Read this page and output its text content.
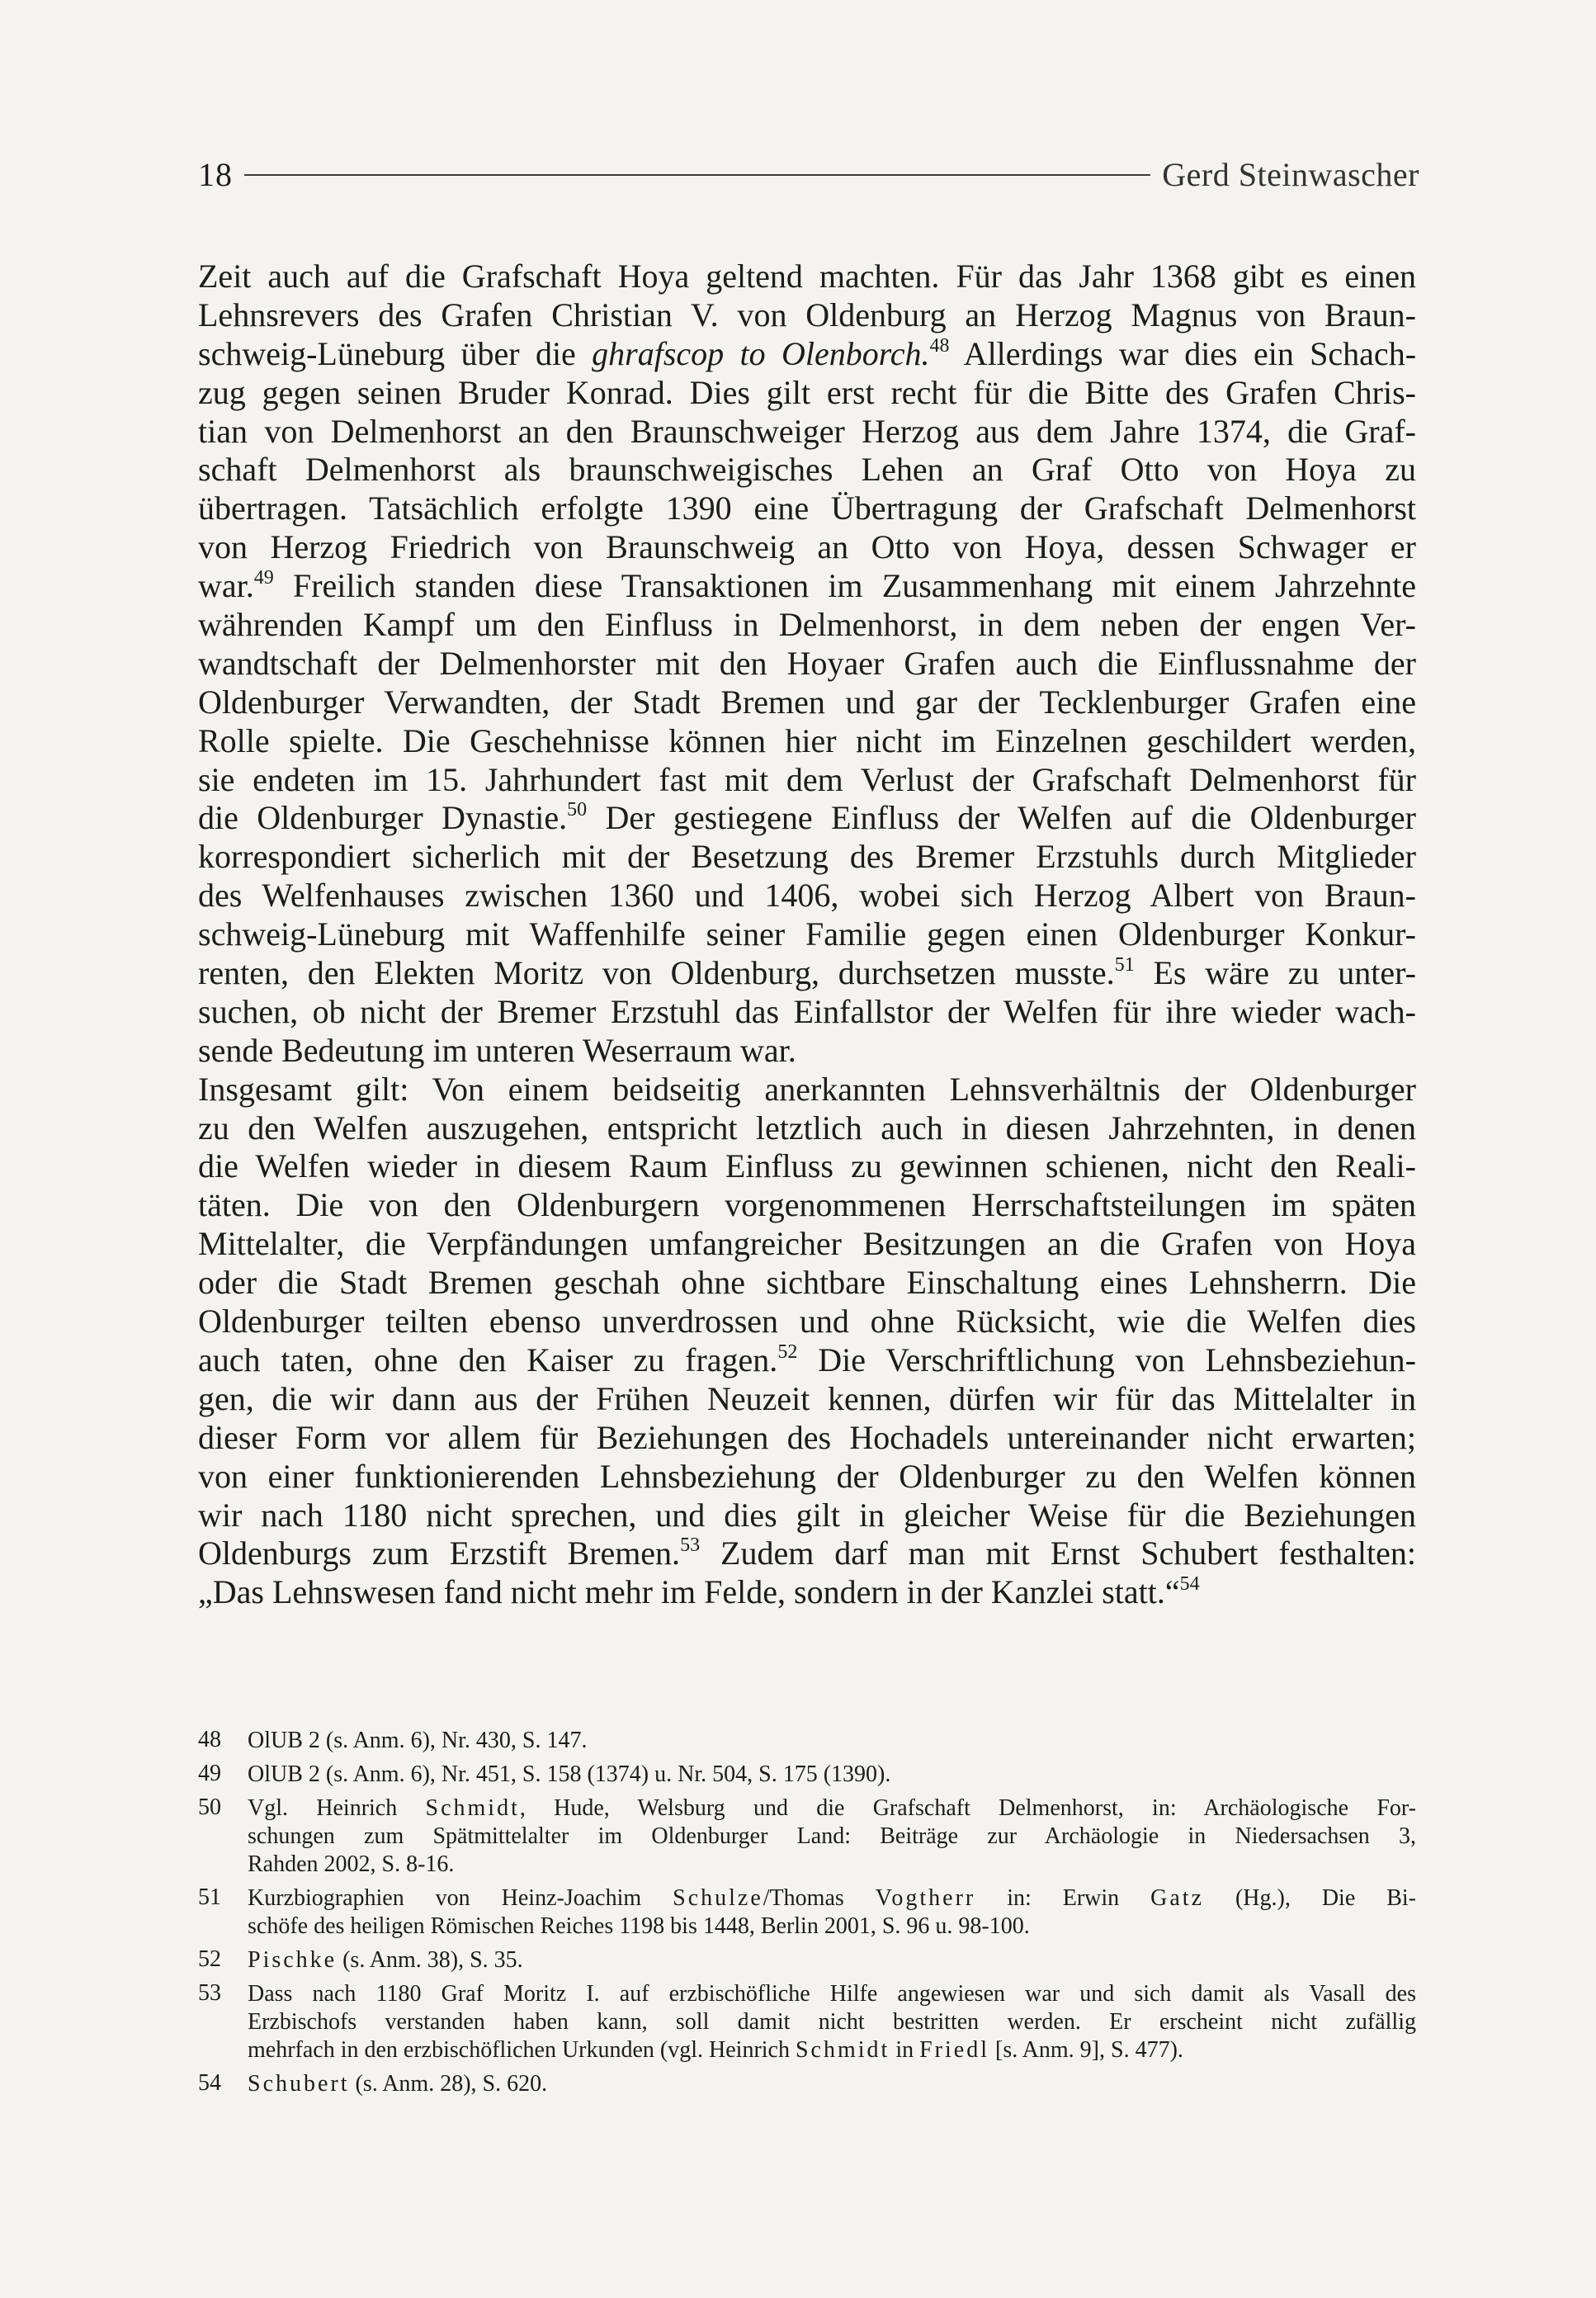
18	Gerd Steinwascher
Zeit auch auf die Grafschaft Hoya geltend machten. Für das Jahr 1368 gibt es einen
Lehnsrevers des Grafen Christian V. von Oldenburg an Herzog Magnus von Braun-
schweig-Lüneburg über die ghrafscop to Olenborch.$^{48}$ Allerdings war dies ein Schach-
zug gegen seinen Bruder Konrad. Dies gilt erst recht für die Bitte des Grafen Chris-
tian von Delmenhorst an den Braunschweiger Herzog aus dem Jahre 1374, die Graf-
schaft Delmenhorst als braunschweigisches Lehen an Graf Otto von Hoya zu
übertragen. Tatsächlich erfolgte 1390 eine Übertragung der Grafschaft Delmenhorst
von Herzog Friedrich von Braunschweig an Otto von Hoya, dessen Schwager er
war.$^{49}$ Freilich standen diese Transaktionen im Zusammenhang mit einem Jahrzehnte
währenden Kampf um den Einfluss in Delmenhorst, in dem neben der engen Ver-
wandtschaft der Delmenhorster mit den Hoyaer Grafen auch die Einflussnahme der
Oldenburger Verwandten, der Stadt Bremen und gar der Tecklenburger Grafen eine
Rolle spielte. Die Geschehnisse können hier nicht im Einzelnen geschildert werden,
sie endeten im 15. Jahrhundert fast mit dem Verlust der Grafschaft Delmenhorst für
die Oldenburger Dynastie.$^{50}$ Der gestiegene Einfluss der Welfen auf die Oldenburger
korrespondiert sicherlich mit der Besetzung des Bremer Erzstuhls durch Mitglieder
des Welfenhauses zwischen 1360 und 1406, wobei sich Herzog Albert von Braun-
schweig-Lüneburg mit Waffenhilfe seiner Familie gegen einen Oldenburger Konkur-
renten, den Elekten Moritz von Oldenburg, durchsetzen musste.$^{51}$ Es wäre zu unter-
suchen, ob nicht der Bremer Erzstuhl das Einfallstor der Welfen für ihre wieder wach-
sende Bedeutung im unteren Weserraum war.
Insgesamt gilt: Von einem beidseitig anerkannten Lehnsverhältnis der Oldenburger
zu den Welfen auszugehen, entspricht letztlich auch in diesen Jahrzehnten, in denen
die Welfen wieder in diesem Raum Einfluss zu gewinnen schienen, nicht den Reali-
täten. Die von den Oldenburgern vorgenommenen Herrschaftsteilungen im späten
Mittelalter, die Verpfändungen umfangreicher Besitzungen an die Grafen von Hoya
oder die Stadt Bremen geschah ohne sichtbare Einschaltung eines Lehnsherrn. Die
Oldenburger teilten ebenso unverdrossen und ohne Rücksicht, wie die Welfen dies
auch taten, ohne den Kaiser zu fragen.$^{52}$ Die Verschriftlichung von Lehnsbeziehun-
gen, die wir dann aus der Frühen Neuzeit kennen, dürfen wir für das Mittelalter in
dieser Form vor allem für Beziehungen des Hochadels untereinander nicht erwarten;
von einer funktionierenden Lehnsbeziehung der Oldenburger zu den Welfen können
wir nach 1180 nicht sprechen, und dies gilt in gleicher Weise für die Beziehungen
Oldenburgs zum Erzstift Bremen.$^{53}$ Zudem darf man mit Ernst Schubert festhalten:
„Das Lehnswesen fand nicht mehr im Felde, sondern in der Kanzlei statt.“$^{54}$
48	OlUB 2 (s. Anm. 6), Nr. 430, S. 147.
49	OlUB 2 (s. Anm. 6), Nr. 451, S. 158 (1374) u. Nr. 504, S. 175 (1390).
50	Vgl. Heinrich Schmidt, Hude, Welsburg und die Grafschaft Delmenhorst, in: Archäologische For-
schungen zum Spätmittelalter im Oldenburger Land: Beiträge zur Archäologie in Niedersachsen 3,
Rahden 2002, S. 8-16.
51	Kurzbiographien von Heinz-Joachim Schulze/Thomas Vogtherr in: Erwin Gatz (Hg.), Die Bi-
schöfe des heiligen Römischen Reiches 1198 bis 1448, Berlin 2001, S. 96 u. 98-100.
52	Pischke (s. Anm. 38), S. 35.
53	Dass nach 1180 Graf Moritz I. auf erzbischöfliche Hilfe angewiesen war und sich damit als Vasall des
Erzbischofs verstanden haben kann, soll damit nicht bestritten werden. Er erscheint nicht zufällig
mehrfach in den erzbischöflichen Urkunden (vgl. Heinrich Schmidt in Friedl [s. Anm. 9], S. 477).
54	Schubert (s. Anm. 28), S. 620.
